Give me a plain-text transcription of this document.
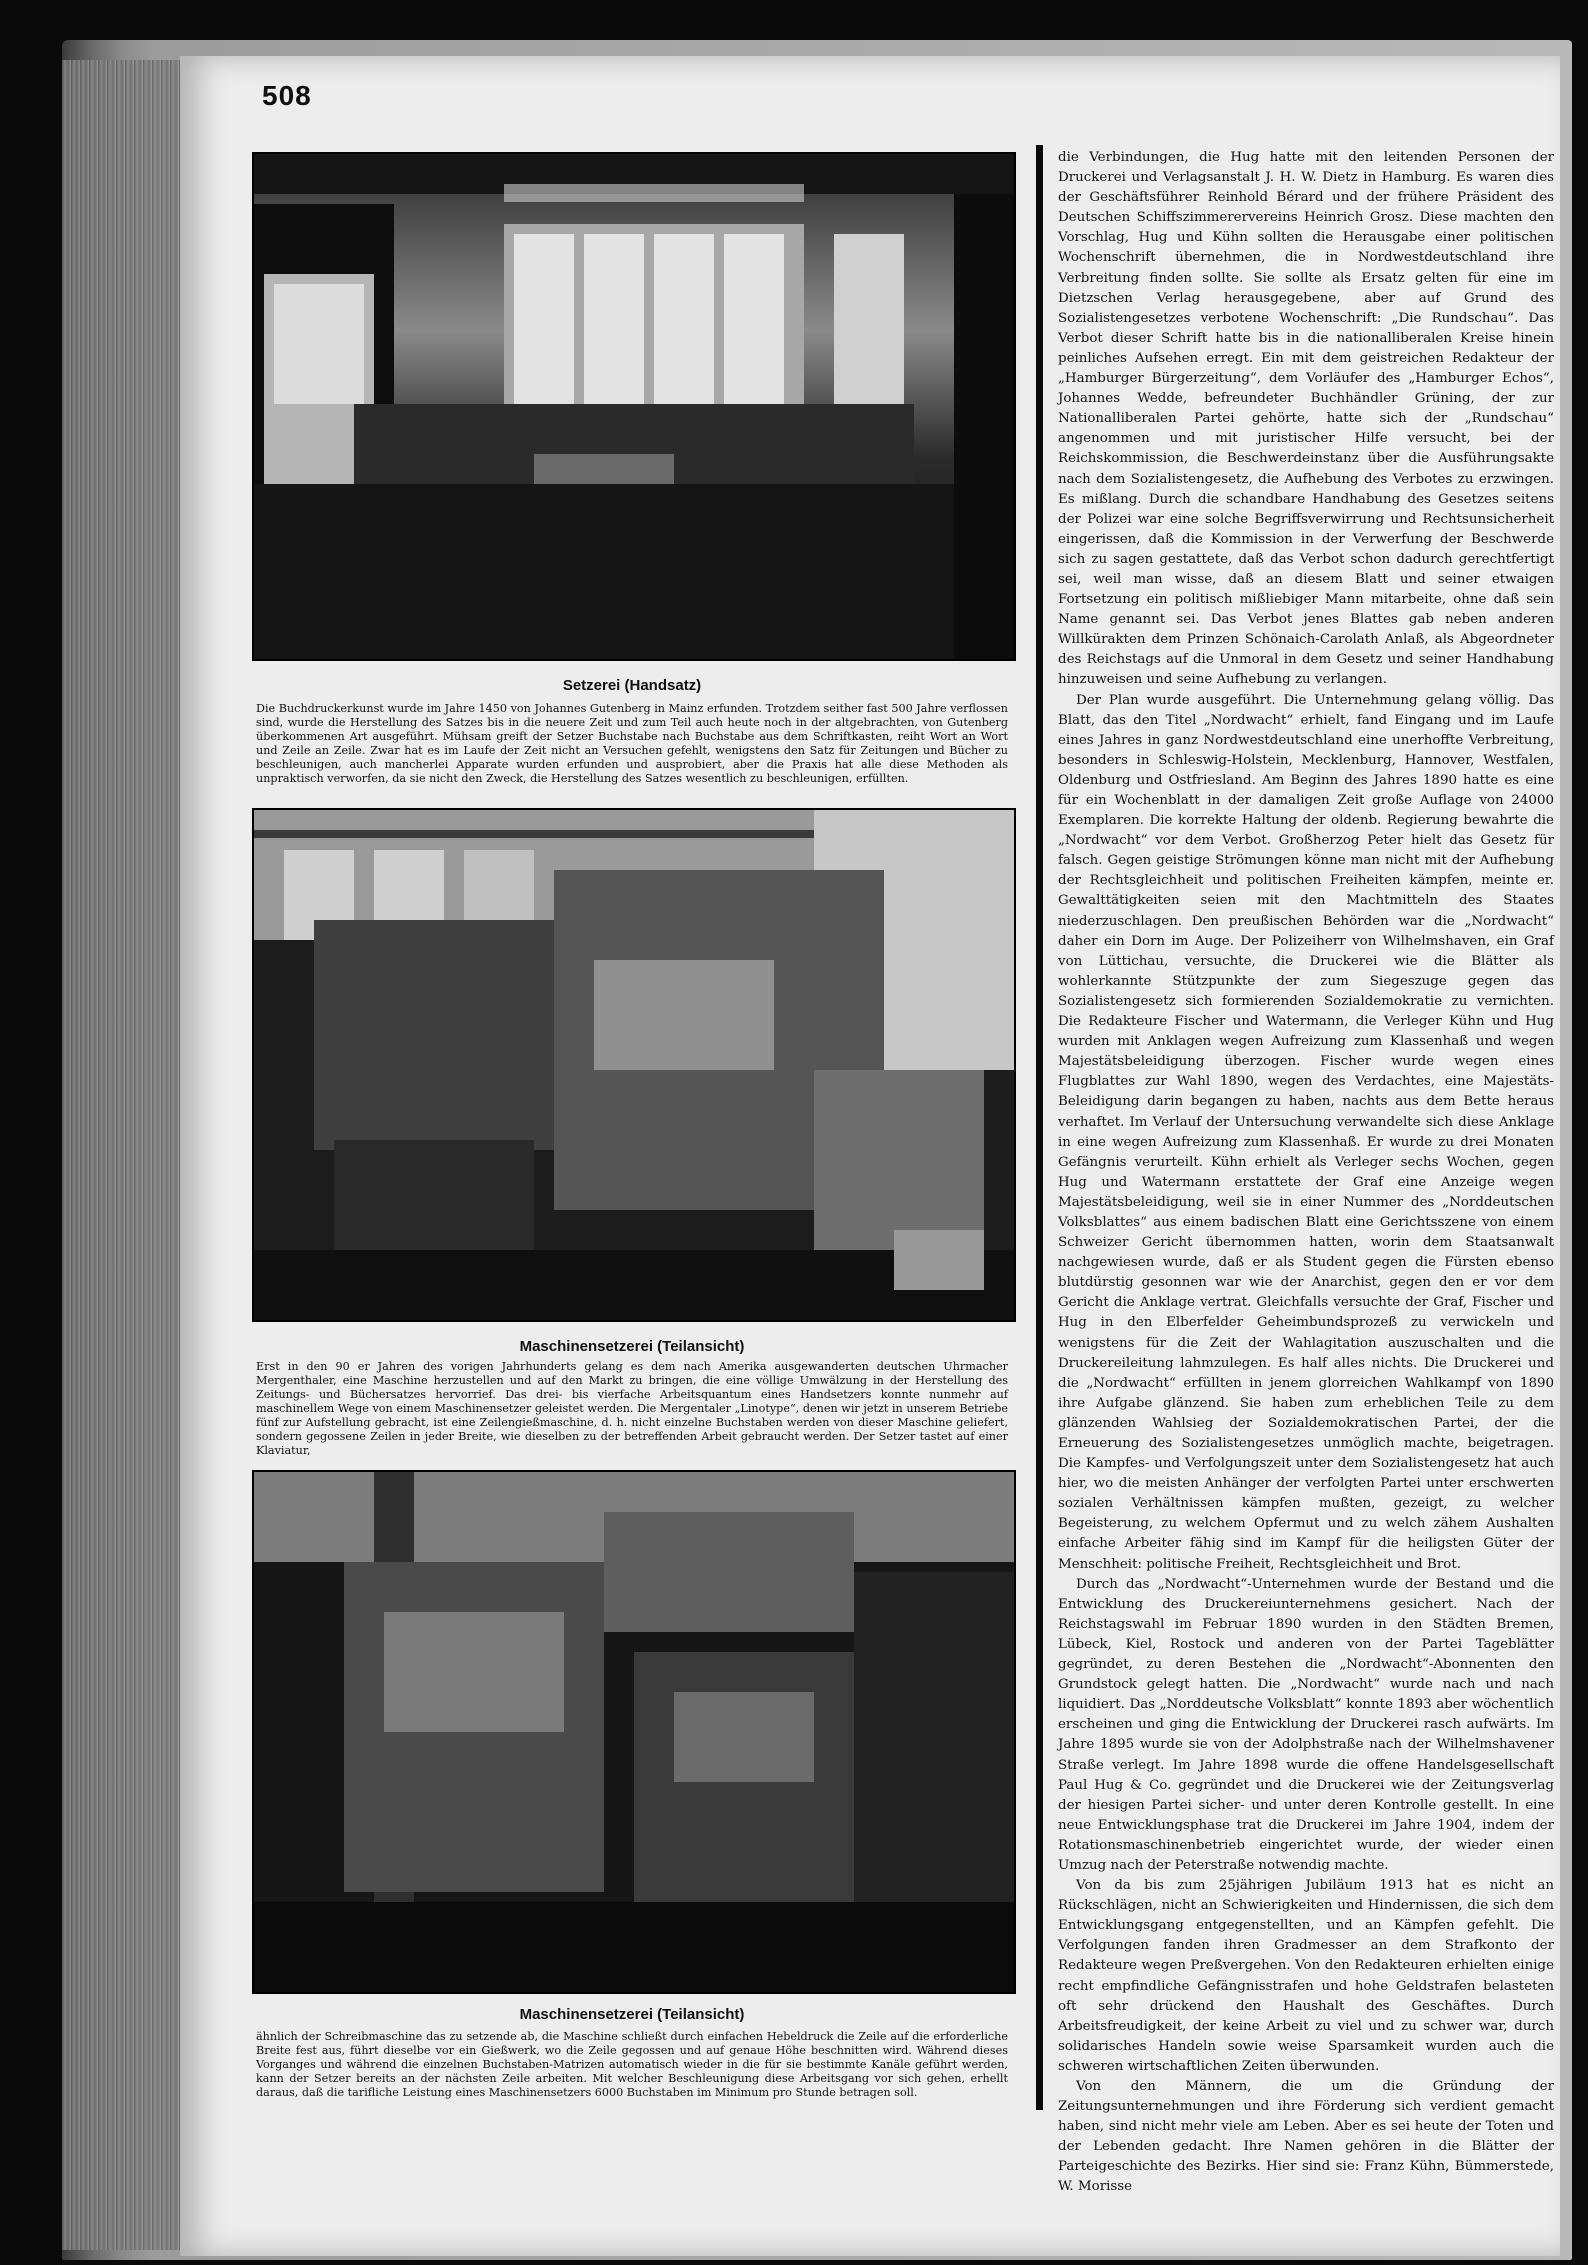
508
Setzerei (Handsatz)
Die Buchdruckerkunst wurde im Jahre 1450 von Johannes Gutenberg in Mainz erfunden. Trotzdem seither fast 500 Jahre verflossen sind, wurde die Herstellung des Satzes bis in die neuere Zeit und zum Teil auch heute noch in der altgebrachten, von Gutenberg überkommenen Art ausgeführt. Mühsam greift der Setzer Buchstabe nach Buchstabe aus dem Schriftkasten, reiht Wort an Wort und Zeile an Zeile. Zwar hat es im Laufe der Zeit nicht an Versuchen gefehlt, wenigstens den Satz für Zeitungen und Bücher zu beschleunigen, auch mancherlei Apparate wurden erfunden und ausprobiert, aber die Praxis hat alle diese Methoden als unpraktisch verworfen, da sie nicht den Zweck, die Herstellung des Satzes wesentlich zu beschleunigen, erfüllten.
Maschinensetzerei (Teilansicht)
Erst in den 90 er Jahren des vorigen Jahrhunderts gelang es dem nach Amerika ausgewanderten deutschen Uhrmacher Mergenthaler, eine Maschine herzustellen und auf den Markt zu bringen, die eine völlige Umwälzung in der Herstellung des Zeitungs- und Büchersatzes hervorrief. Das drei- bis vierfache Arbeitsquantum eines Handsetzers konnte nunmehr auf maschinellem Wege von einem Maschinensetzer geleistet werden. Die Mergentaler „Linotype“, denen wir jetzt in unserem Betriebe fünf zur Aufstellung gebracht, ist eine Zeilengießmaschine, d. h. nicht einzelne Buchstaben werden von dieser Maschine geliefert, sondern gegossene Zeilen in jeder Breite, wie dieselben zu der betreffenden Arbeit gebraucht werden. Der Setzer tastet auf einer Klaviatur,
Maschinensetzerei (Teilansicht)
ähnlich der Schreibmaschine das zu setzende ab, die Maschine schließt durch einfachen Hebeldruck die Zeile auf die erforderliche Breite fest aus, führt dieselbe vor ein Gießwerk, wo die Zeile gegossen und auf genaue Höhe beschnitten wird. Während dieses Vorganges und während die einzelnen Buchstaben-Matrizen automatisch wieder in die für sie bestimmte Kanäle geführt werden, kann der Setzer bereits an der nächsten Zeile arbeiten. Mit welcher Beschleunigung diese Arbeitsgang vor sich gehen, erhellt daraus, daß die tarifliche Leistung eines Maschinensetzers 6000 Buchstaben im Minimum pro Stunde betragen soll.

die Verbindungen, die Hug hatte mit den leitenden Personen der Druckerei und Verlagsanstalt J. H. W. Dietz in Hamburg. Es waren dies der Geschäftsführer Reinhold Bérard und der frühere Präsident des Deutschen Schiffszimmerervereins Heinrich Grosz. Diese machten den Vorschlag, Hug und Kühn sollten die Herausgabe einer politischen Wochenschrift übernehmen, die in Nordwestdeutschland ihre Verbreitung finden sollte. Sie sollte als Ersatz gelten für eine im Dietzschen Verlag herausgegebene, aber auf Grund des Sozialistengesetzes verbotene Wochenschrift: „Die Rundschau“. Das Verbot dieser Schrift hatte bis in die nationalliberalen Kreise hinein peinliches Aufsehen erregt. Ein mit dem geistreichen Redakteur der „Hamburger Bürgerzeitung“, dem Vorläufer des „Hamburger Echos“, Johannes Wedde, befreundeter Buchhändler Grüning, der zur Nationalliberalen Partei gehörte, hatte sich der „Rundschau“ angenommen und mit juristischer Hilfe versucht, bei der Reichskommission, die Beschwerdeinstanz über die Ausführungsakte nach dem Sozialistengesetz, die Aufhebung des Verbotes zu erzwingen. Es mißlang. Durch die schandbare Handhabung des Gesetzes seitens der Polizei war eine solche Begriffsverwirrung und Rechtsunsicherheit eingerissen, daß die Kommission in der Verwerfung der Beschwerde sich zu sagen gestattete, daß das Verbot schon dadurch gerechtfertigt sei, weil man wisse, daß an diesem Blatt und seiner etwaigen Fortsetzung ein politisch mißliebiger Mann mitarbeite, ohne daß sein Name genannt sei. Das Verbot jenes Blattes gab neben anderen Willkürakten dem Prinzen Schönaich-Carolath Anlaß, als Abgeordneter des Reichstags auf die Unmoral in dem Gesetz und seiner Handhabung hinzuweisen und seine Aufhebung zu verlangen.

Der Plan wurde ausgeführt. Die Unternehmung gelang völlig. Das Blatt, das den Titel „Nordwacht“ erhielt, fand Eingang und im Laufe eines Jahres in ganz Nordwestdeutschland eine unerhoffte Verbreitung, besonders in Schleswig-Holstein, Mecklenburg, Hannover, Westfalen, Oldenburg und Ostfriesland. Am Beginn des Jahres 1890 hatte es eine für ein Wochenblatt in der damaligen Zeit große Auflage von 24000 Exemplaren. Die korrekte Haltung der oldenb. Regierung bewahrte die „Nordwacht“ vor dem Verbot. Großherzog Peter hielt das Gesetz für falsch. Gegen geistige Strömungen könne man nicht mit der Aufhebung der Rechtsgleichheit und politischen Freiheiten kämpfen, meinte er. Gewalttätigkeiten seien mit den Machtmitteln des Staates niederzuschlagen. Den preußischen Behörden war die „Nordwacht“ daher ein Dorn im Auge. Der Polizeiherr von Wilhelmshaven, ein Graf von Lüttichau, versuchte, die Druckerei wie die Blätter als wohlerkannte Stützpunkte der zum Siegeszuge gegen das Sozialistengesetz sich formierenden Sozialdemokratie zu vernichten. Die Redakteure Fischer und Watermann, die Verleger Kühn und Hug wurden mit Anklagen wegen Aufreizung zum Klassenhaß und wegen Majestätsbeleidigung überzogen. Fischer wurde wegen eines Flugblattes zur Wahl 1890, wegen des Verdachtes, eine Majestäts-Beleidigung darin begangen zu haben, nachts aus dem Bette heraus verhaftet. Im Verlauf der Untersuchung verwandelte sich diese Anklage in eine wegen Aufreizung zum Klassenhaß. Er wurde zu drei Monaten Gefängnis verurteilt. Kühn erhielt als Verleger sechs Wochen, gegen Hug und Watermann erstattete der Graf eine Anzeige wegen Majestätsbeleidigung, weil sie in einer Nummer des „Norddeutschen Volksblattes“ aus einem badischen Blatt eine Gerichtsszene von einem Schweizer Gericht übernommen hatten, worin dem Staatsanwalt nachgewiesen wurde, daß er als Student gegen die Fürsten ebenso blutdürstig gesonnen war wie der Anarchist, gegen den er vor dem Gericht die Anklage vertrat. Gleichfalls versuchte der Graf, Fischer und Hug in den Elberfelder Geheimbundsprozeß zu verwickeln und wenigstens für die Zeit der Wahlagitation auszuschalten und die Druckereileitung lahmzulegen. Es half alles nichts. Die Druckerei und die „Nordwacht“ erfüllten in jenem glorreichen Wahlkampf von 1890 ihre Aufgabe glänzend. Sie haben zum erheblichen Teile zu dem glänzenden Wahlsieg der Sozialdemokratischen Partei, der die Erneuerung des Sozialistengesetzes unmöglich machte, beigetragen. Die Kampfes- und Verfolgungszeit unter dem Sozialistengesetz hat auch hier, wo die meisten Anhänger der verfolgten Partei unter erschwerten sozialen Verhältnissen kämpfen mußten, gezeigt, zu welcher Begeisterung, zu welchem Opfermut und zu welch zähem Aushalten einfache Arbeiter fähig sind im Kampf für die heiligsten Güter der Menschheit: politische Freiheit, Rechtsgleichheit und Brot.

Durch das „Nordwacht“-Unternehmen wurde der Bestand und die Entwicklung des Druckereiunternehmens gesichert. Nach der Reichstagswahl im Februar 1890 wurden in den Städten Bremen, Lübeck, Kiel, Rostock und anderen von der Partei Tageblätter gegründet, zu deren Bestehen die „Nordwacht“-Abonnenten den Grundstock gelegt hatten. Die „Nordwacht“ wurde nach und nach liquidiert. Das „Norddeutsche Volksblatt“ konnte 1893 aber wöchentlich erscheinen und ging die Entwicklung der Druckerei rasch aufwärts. Im Jahre 1895 wurde sie von der Adolphstraße nach der Wilhelmshavener Straße verlegt. Im Jahre 1898 wurde die offene Handelsgesellschaft Paul Hug & Co. gegründet und die Druckerei wie der Zeitungsverlag der hiesigen Partei sicher- und unter deren Kontrolle gestellt. In eine neue Entwicklungsphase trat die Druckerei im Jahre 1904, indem der Rotationsmaschinenbetrieb eingerichtet wurde, der wieder einen Umzug nach der Peterstraße notwendig machte.

Von da bis zum 25jährigen Jubiläum 1913 hat es nicht an Rückschlägen, nicht an Schwierigkeiten und Hindernissen, die sich dem Entwicklungsgang entgegenstellten, und an Kämpfen gefehlt. Die Verfolgungen fanden ihren Gradmesser an dem Strafkonto der Redakteure wegen Preßvergehen. Von den Redakteuren erhielten einige recht empfindliche Gefängnisstrafen und hohe Geldstrafen belasteten oft sehr drückend den Haushalt des Geschäftes. Durch Arbeitsfreudigkeit, der keine Arbeit zu viel und zu schwer war, durch solidarisches Handeln sowie weise Sparsamkeit wurden auch die schweren wirtschaftlichen Zeiten überwunden.

Von den Männern, die um die Gründung der Zeitungsunternehmungen und ihre Förderung sich verdient gemacht haben, sind nicht mehr viele am Leben. Aber es sei heute der Toten und der Lebenden gedacht. Ihre Namen gehören in die Blätter der Parteigeschichte des Bezirks. Hier sind sie: Franz Kühn, Bümmerstede, W. Morisse
